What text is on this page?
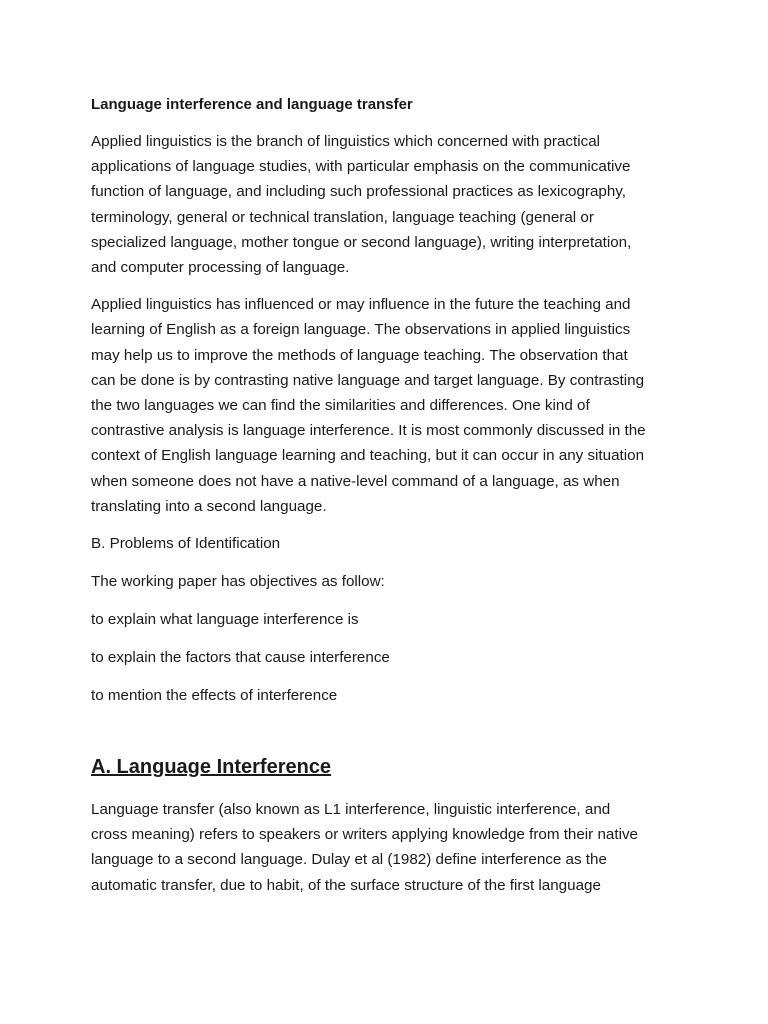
Language interference and language transfer
Applied linguistics is the branch of linguistics which concerned with practical
applications of language studies, with particular emphasis on the communicative
function of language, and including such professional practices as lexicography,
terminology, general or technical translation, language teaching (general or
specialized language, mother tongue or second language), writing interpretation,
and computer processing of language.
Applied linguistics has influenced or may influence in the future the teaching and
learning of English as a foreign language. The observations in applied linguistics
may help us to improve the methods of language teaching. The observation that
can be done is by contrasting native language and target language. By contrasting
the two languages we can find the similarities and differences. One kind of
contrastive analysis is language interference. It is most commonly discussed in the
context of English language learning and teaching, but it can occur in any situation
when someone does not have a native-level command of a language, as when
translating into a second language.
B. Problems of Identification
The working paper has objectives as follow:
to explain what language interference is
to explain the factors that cause interference
to mention the effects of interference
A. Language Interference
Language transfer (also known as L1 interference, linguistic interference, and
cross meaning) refers to speakers or writers applying knowledge from their native
language to a second language. Dulay et al (1982) define interference as the
automatic transfer, due to habit, of the surface structure of the first language
